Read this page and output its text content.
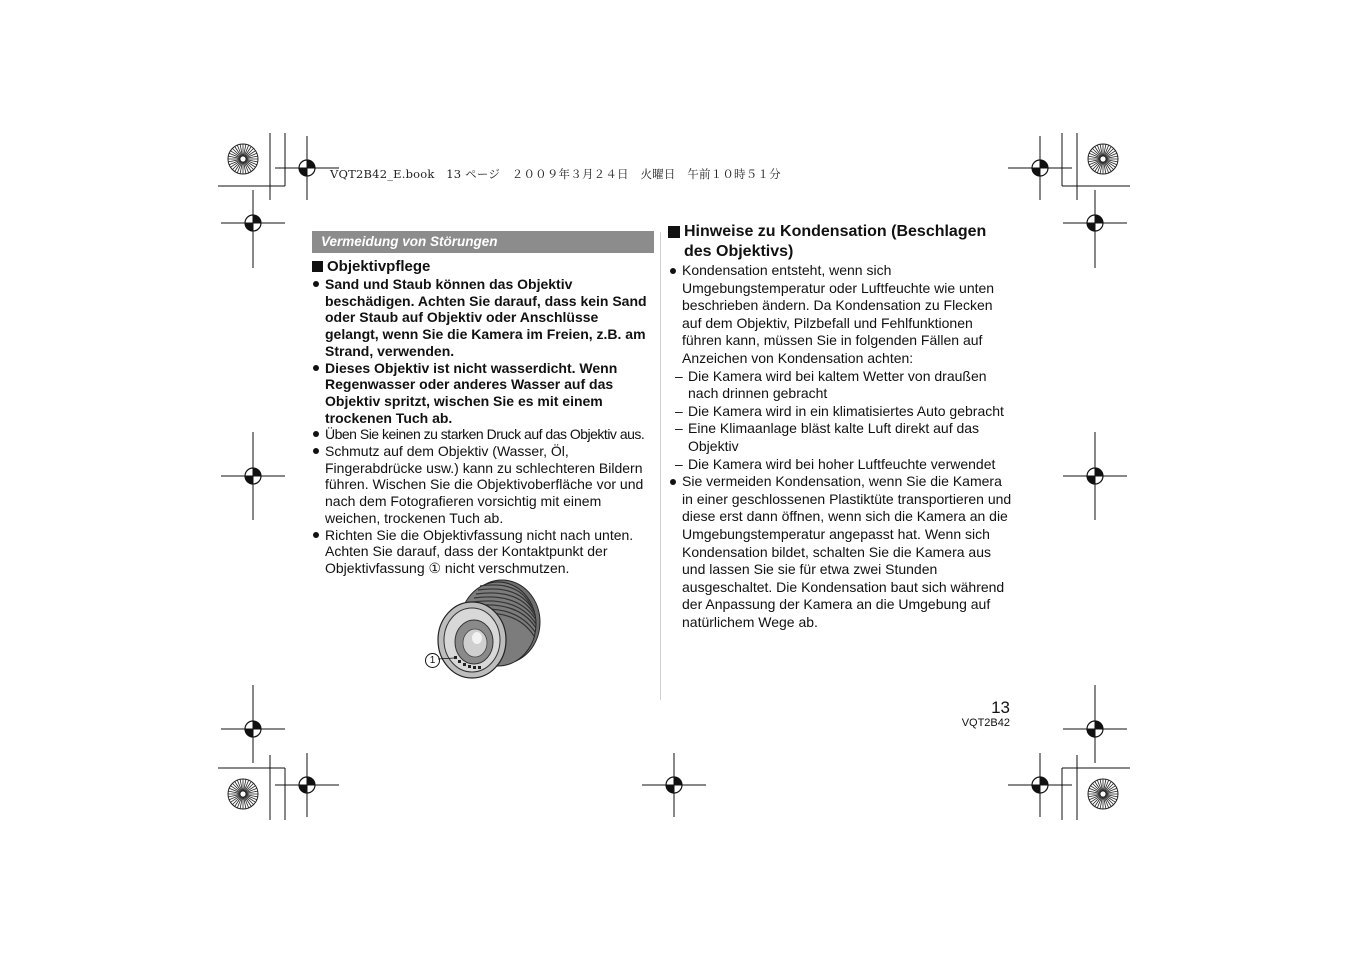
VQT2B42_E.book　13 ページ　２００９年３月２４日　火曜日　午前１０時５１分
Vermeidung von Störungen
Objektivpflege
Sand und Staub können das Objektiv beschädigen. Achten Sie darauf, dass kein Sand oder Staub auf Objektiv oder Anschlüsse gelangt, wenn Sie die Kamera im Freien, z.B. am Strand, verwenden.
Dieses Objektiv ist nicht wasserdicht. Wenn Regenwasser oder anderes Wasser auf das Objektiv spritzt, wischen Sie es mit einem trockenen Tuch ab.
Üben Sie keinen zu starken Druck auf das Objektiv aus.
Schmutz auf dem Objektiv (Wasser, Öl, Fingerabdrücke usw.) kann zu schlechteren Bildern führen. Wischen Sie die Objektivoberfläche vor und nach dem Fotografieren vorsichtig mit einem weichen, trockenen Tuch ab.
Richten Sie die Objektivfassung nicht nach unten. Achten Sie darauf, dass der Kontaktpunkt der Objektivfassung ① nicht verschmutzen.
1
Hinweise zu Kondensation (Beschlagen des Objektivs)
Kondensation entsteht, wenn sich Umgebungstemperatur oder Luftfeuchte wie unten beschrieben ändern. Da Kondensation zu Flecken auf dem Objektiv, Pilzbefall und Fehlfunktionen führen kann, müssen Sie in folgenden Fällen auf Anzeichen von Kondensation achten:
– Die Kamera wird bei kaltem Wetter von draußen nach drinnen gebracht
– Die Kamera wird in ein klimatisiertes Auto gebracht
– Eine Klimaanlage bläst kalte Luft direkt auf das Objektiv
– Die Kamera wird bei hoher Luftfeuchte verwendet
Sie vermeiden Kondensation, wenn Sie die Kamera in einer geschlossenen Plastiktüte transportieren und diese erst dann öffnen, wenn sich die Kamera an die Umgebungstemperatur angepasst hat. Wenn sich Kondensation bildet, schalten Sie die Kamera aus und lassen Sie sie für etwa zwei Stunden ausgeschaltet. Die Kondensation baut sich während der Anpassung der Kamera an die Umgebung auf natürlichem Wege ab.
13
VQT2B42
